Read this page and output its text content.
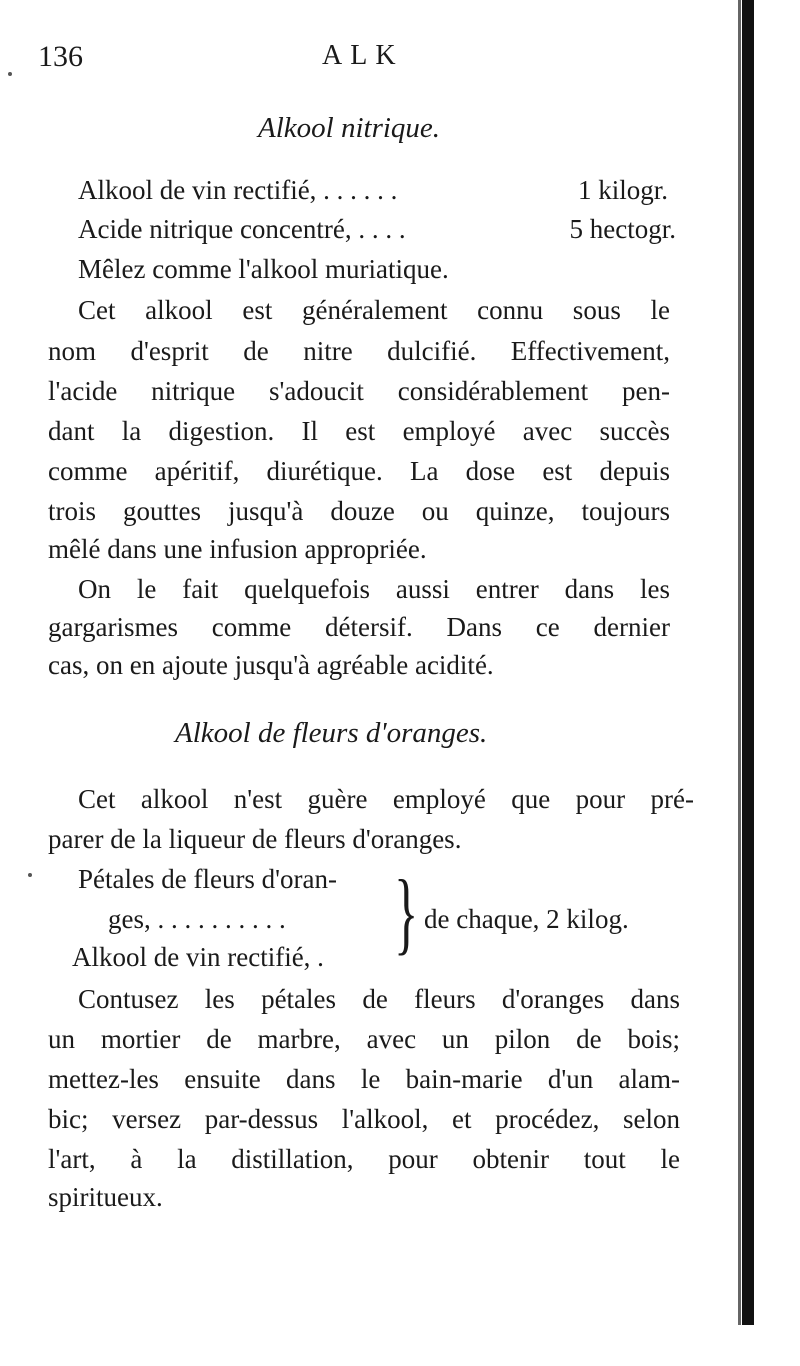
136	ALK
Alkool nitrique.
Alkool de vin rectifié, . . . . . .	1 kilogr.
Acide nitrique concentré, . . . .	5 hectogr.
Mêlez comme l'alkool muriatique.
Cet alkool est généralement connu sous le
nom d'esprit de nitre dulcifié. Effectivement,
l'acide nitrique s'adoucit considérablement pen-
dant la digestion. Il est employé avec succès
comme apéritif, diurétique. La dose est depuis
trois gouttes jusqu'à douze ou quinze, toujours
mêlé dans une infusion appropriée.
On le fait quelquefois aussi entrer dans les
gargarismes comme détersif. Dans ce dernier
cas, on en ajoute jusqu'à agréable acidité.
Alkool de fleurs d'oranges.
Cet alkool n'est guère employé que pour pré-
parer de la liqueur de fleurs d'oranges.
Pétales de fleurs d'oran-
ges, . . . . . . . . . .
Alkool de vin rectifié, . } de chaque, 2 kilog.
Contusez les pétales de fleurs d'oranges dans
un mortier de marbre, avec un pilon de bois;
mettez-les ensuite dans le bain-marie d'un alam-
bic; versez par-dessus l'alkool, et procédez, selon
l'art, à la distillation, pour obtenir tout le
spiritueux.
